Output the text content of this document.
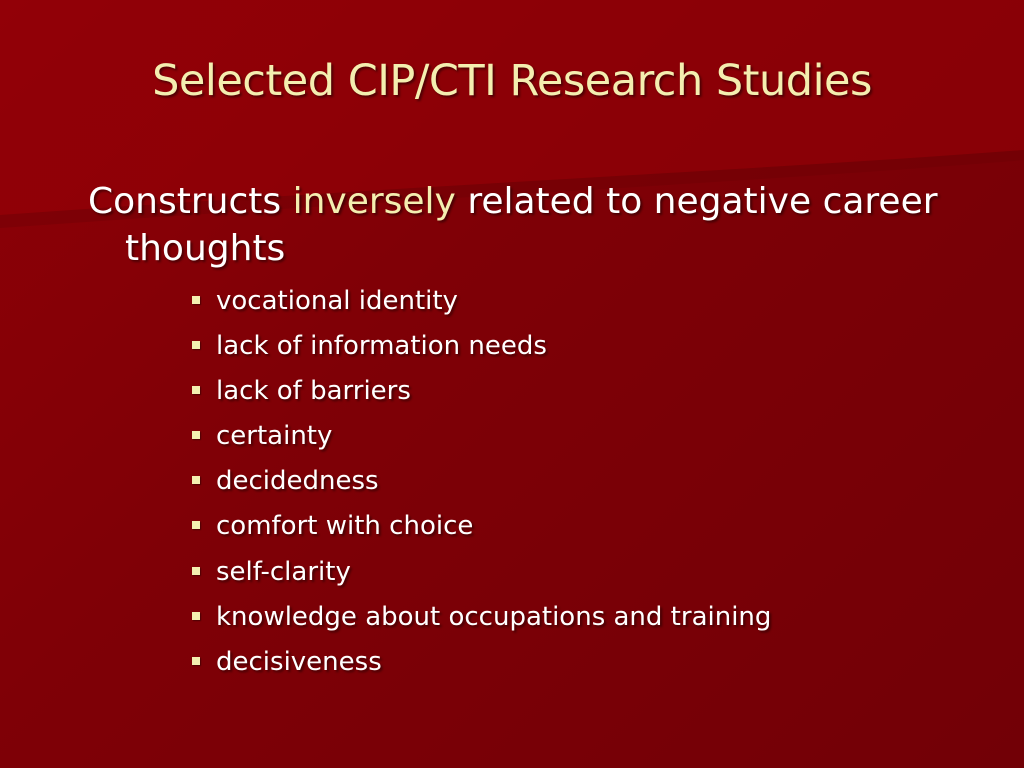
Selected CIP/CTI Research Studies

Constructs inversely related to negative career thoughts

vocational identity
lack of information needs
lack of barriers
certainty
decidedness
comfort with choice
self-clarity
knowledge about occupations and training
decisiveness
